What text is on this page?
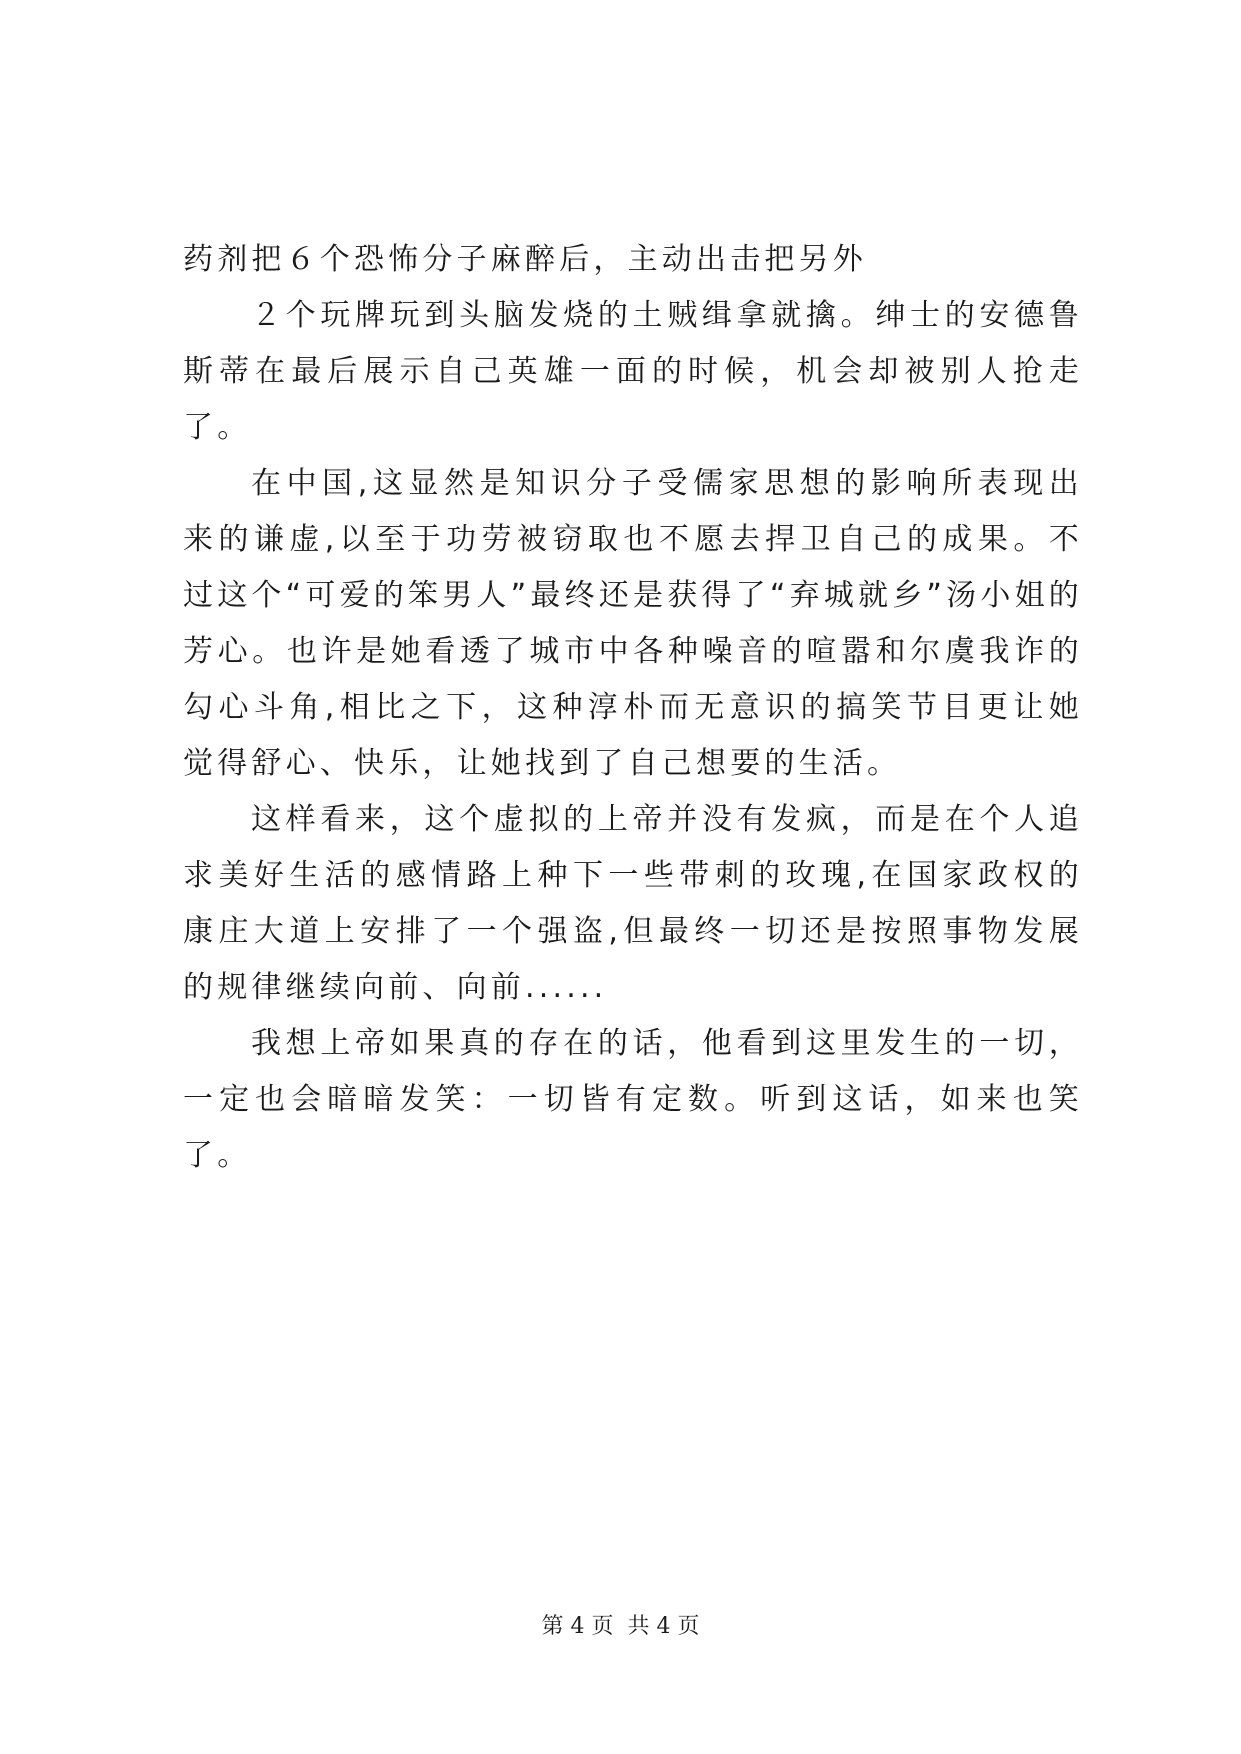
药剂把６个恐怖分子麻醉后，主动出击把另外

２个玩牌玩到头脑发烧的土贼缉拿就擒。绅士的安德鲁斯蒂在最后展示自己英雄一面的时候，机会却被别人抢走了。

在中国,这显然是知识分子受儒家思想的影响所表现出来的谦虚,以至于功劳被窃取也不愿去捍卫自己的成果。不过这个“可爱的笨男人”最终还是获得了“弃城就乡”汤小姐的芳心。也许是她看透了城市中各种噪音的喧嚣和尔虞我诈的勾心斗角,相比之下，这种淳朴而无意识的搞笑节目更让她觉得舒心、快乐，让她找到了自己想要的生活。

这样看来，这个虚拟的上帝并没有发疯，而是在个人追求美好生活的感情路上种下一些带刺的玫瑰,在国家政权的康庄大道上安排了一个强盗,但最终一切还是按照事物发展的规律继续向前、向前......

我想上帝如果真的存在的话，他看到这里发生的一切，一定也会暗暗发笑：一切皆有定数。听到这话，如来也笑了。

第 4 页  共 4 页
